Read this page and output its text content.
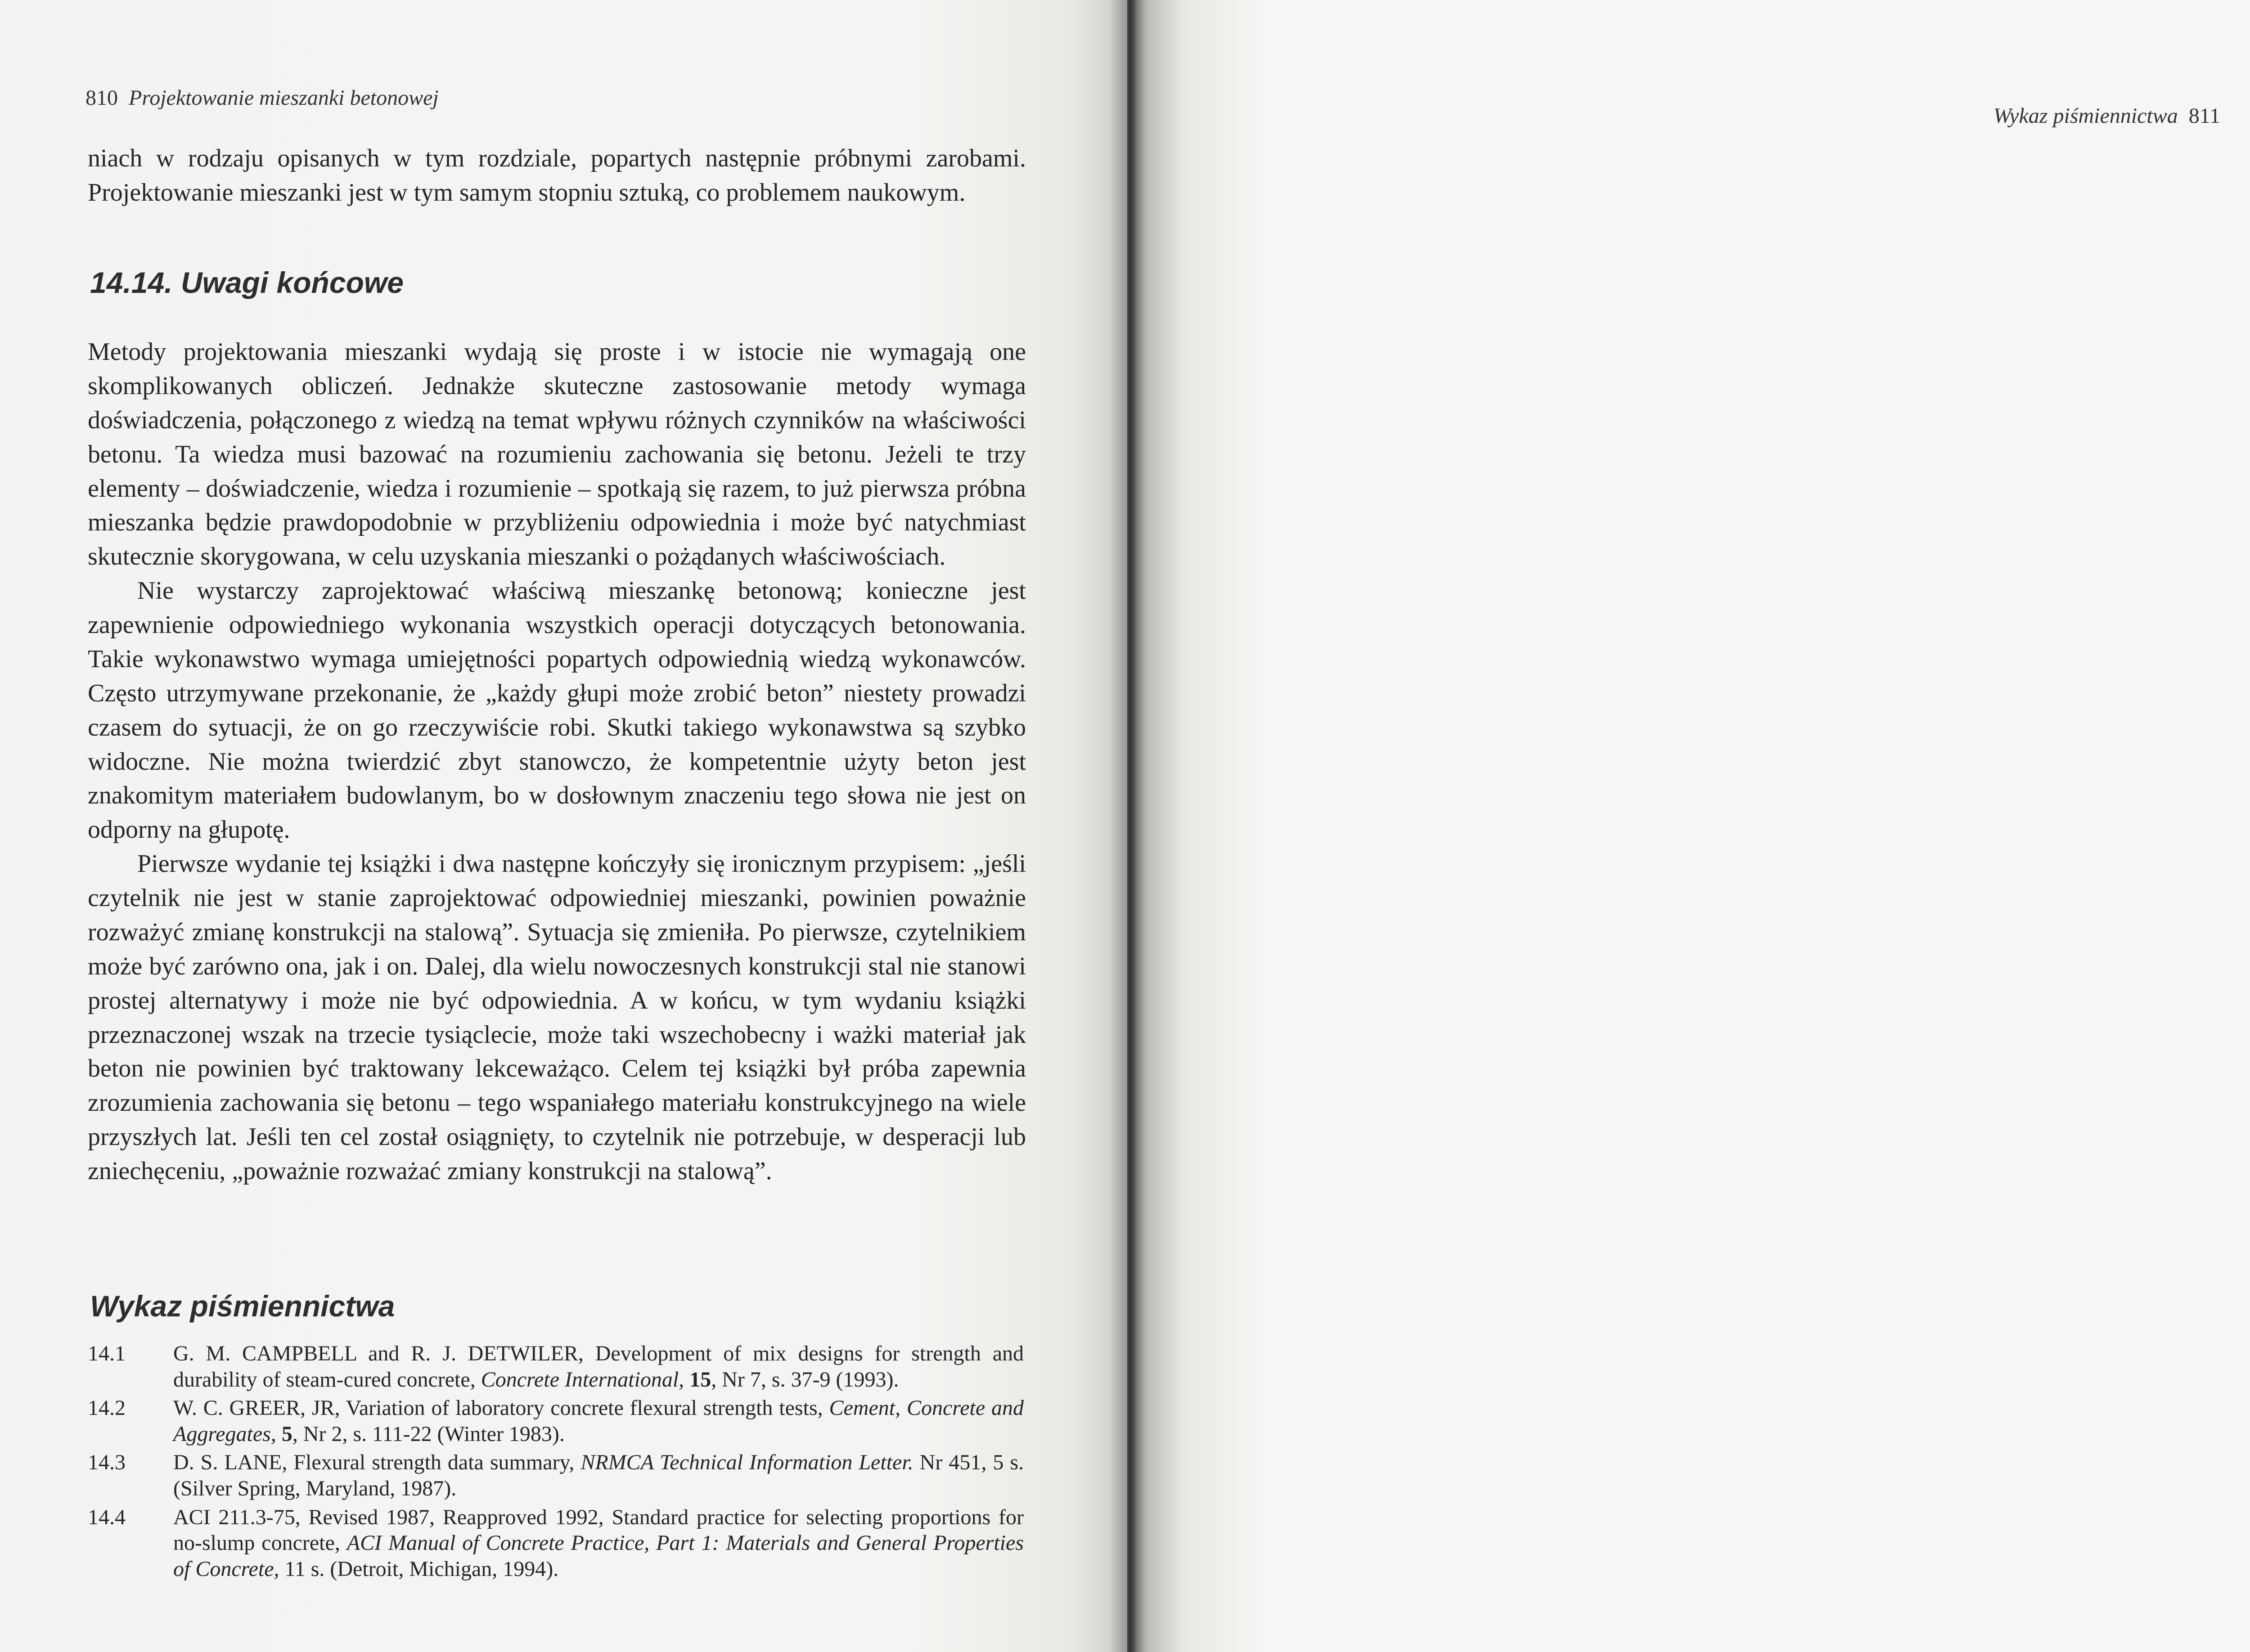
810 Projektowanie mieszanki betonowej

niach w rodzaju opisanych w tym rozdziale, popartych następnie próbnymi zarobami. Projektowanie mieszanki jest w tym samym stopniu sztuką, co problemem naukowym.

14.14. Uwagi końcowe

Metody projektowania mieszanki wydają się proste i w istocie nie wymagają one skomplikowanych obliczeń. Jednakże skuteczne zastosowanie metody wymaga doświadczenia, połączonego z wiedzą na temat wpływu różnych czynników na właściwości betonu. Ta wiedza musi bazować na rozumieniu zachowania się betonu. Jeżeli te trzy elementy – doświadczenie, wiedza i rozumienie – spotkają się razem, to już pierwsza próbna mieszanka będzie prawdopodobnie w przybliżeniu odpowiednia i może być natychmiast skutecznie skorygowana, w celu uzyskania mieszanki o pożądanych właściwościach.

Nie wystarczy zaprojektować właściwą mieszankę betonową; konieczne jest zapewnienie odpowiedniego wykonania wszystkich operacji dotyczących betonowania. Takie wykonawstwo wymaga umiejętności popartych odpowiednią wiedzą wykonawców. Często utrzymywane przekonanie, że „każdy głupi może zrobić beton” niestety prowadzi czasem do sytuacji, że on go rzeczywiście robi. Skutki takiego wykonawstwa są szybko widoczne. Nie można twierdzić zbyt stanowczo, że kompetentnie użyty beton jest znakomitym materiałem budowlanym, bo w dosłownym znaczeniu tego słowa nie jest on odporny na głupotę.

Pierwsze wydanie tej książki i dwa następne kończyły się ironicznym przypisem: „jeśli czytelnik nie jest w stanie zaprojektować odpowiedniej mieszanki, powinien poważnie rozważyć zmianę konstrukcji na stalową”. Sytuacja się zmieniła. Po pierwsze, czytelnikiem może być zarówno ona, jak i on. Dalej, dla wielu nowoczesnych konstrukcji stal nie stanowi prostej alternatywy i może nie być odpowiednia. A w końcu, w tym wydaniu książki przeznaczonej wszak na trzecie tysiąclecie, może taki wszechobecny i ważki materiał jak beton nie powinien być traktowany lekceważąco. Celem tej książki był próba zapewnia zrozumienia zachowania się betonu – tego wspaniałego materiału konstrukcyjnego na wiele przyszłych lat. Jeśli ten cel został osiągnięty, to czytelnik nie potrzebuje, w desperacji lub zniechęceniu, „poważnie rozważać zmiany konstrukcji na stalową”.

Wykaz piśmiennictwa
14.1 G. M. CAMPBELL and R. J. DETWILER, Development of mix designs for strength and durability of steam-cured concrete, Concrete International, 15, Nr 7, s. 37-9 (1993).
14.2 W. C. GREER, JR, Variation of laboratory concrete flexural strength tests, Cement, Concrete and Aggregates, 5, Nr 2, s. 111-22 (Winter 1983).
14.3 D. S. LANE, Flexural strength data summary, NRMCA Technical Information Letter. Nr 451, 5 s. (Silver Spring, Maryland, 1987).
14.4 ACI 211.3-75, Revised 1987, Reapproved 1992, Standard practice for selecting proportions for no-slump concrete, ACI Manual of Concrete Practice, Part 1: Materials and General Properties of Concrete, 11 s. (Detroit, Michigan, 1994).
Wykaz piśmiennictwa 811
